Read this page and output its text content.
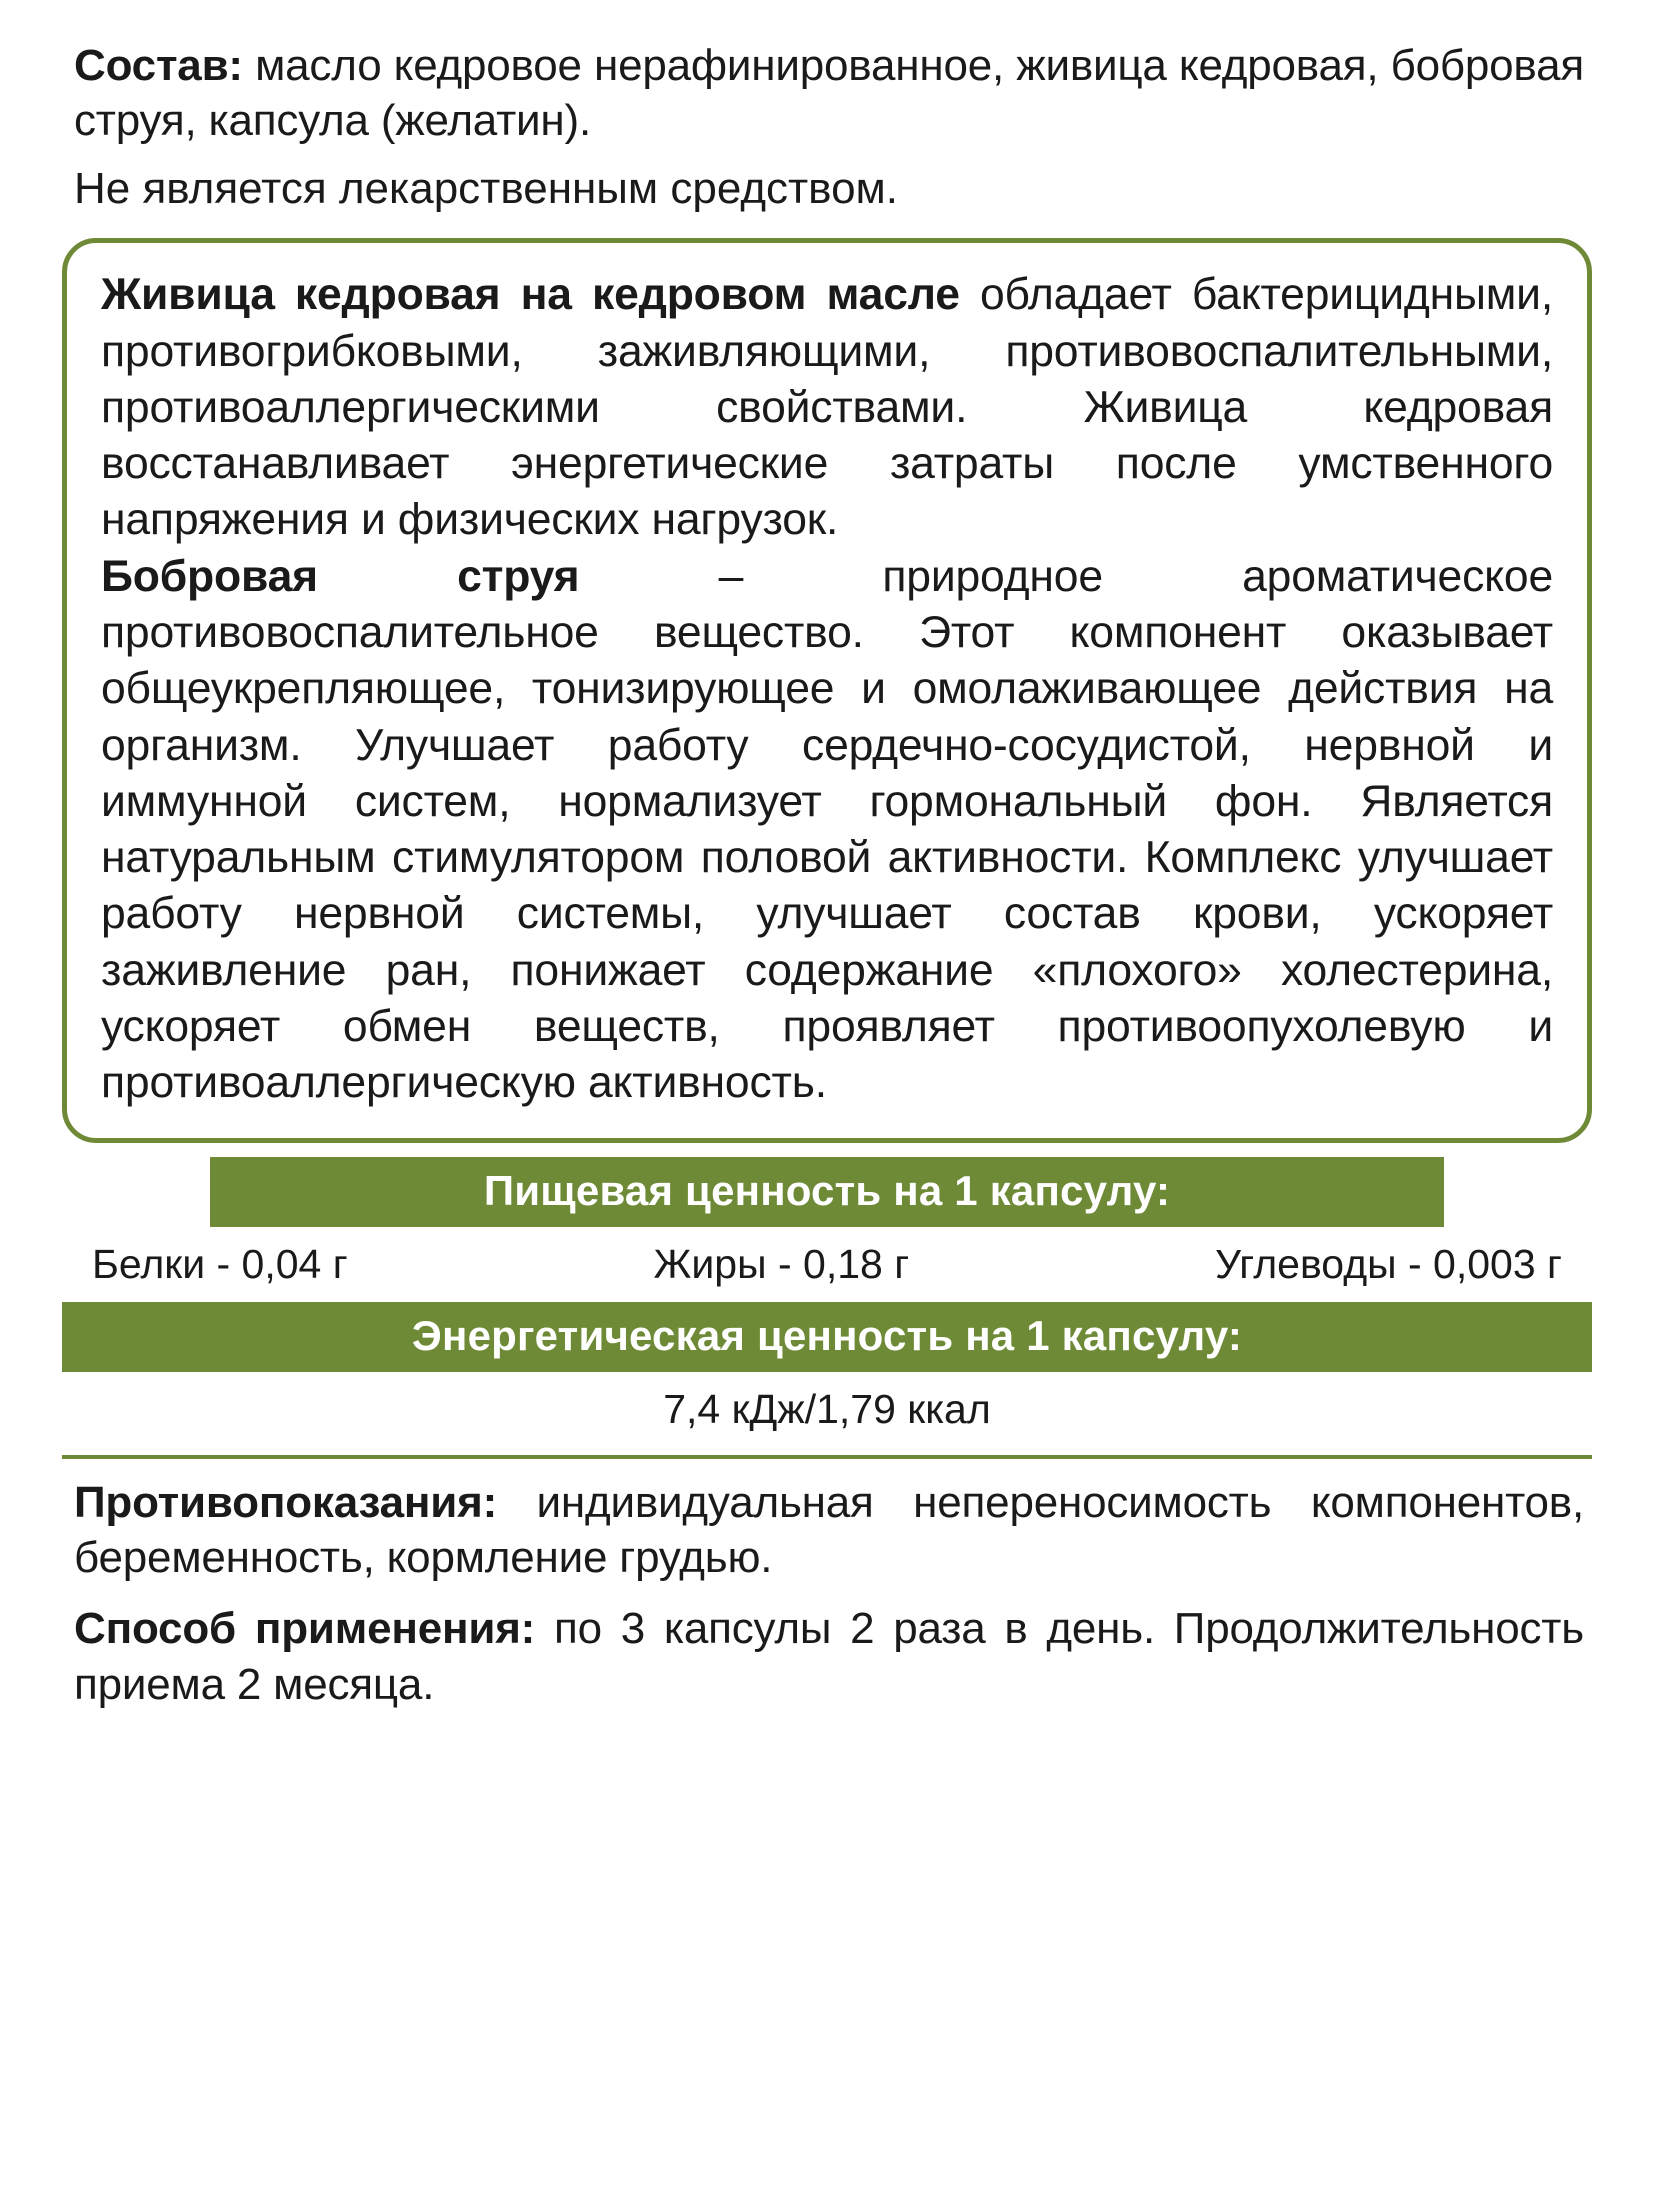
Состав: масло кедровое нерафинированное, живица кедровая, бобровая струя, капсула (желатин).

Не является лекарственным средством.

Живица кедровая на кедровом масле обладает бактерицидными, противогрибковыми, заживляющими, противовоспалительными, противоаллергическими свойствами. Живица кедровая восстанавливает энергетические затраты после умственного напряжения и физических нагрузок.

Бобровая струя – природное ароматическое противовоспалительное вещество. Этот компонент оказывает общеукрепляющее, тонизирующее и омолаживающее действия на организм. Улучшает работу сердечно-сосудистой, нервной и иммунной систем, нормализует гормональный фон. Является натуральным стимулятором половой активности. Комплекс улучшает работу нервной системы, улучшает состав крови, ускоряет заживление ран, понижает содержание «плохого» холестерина, ускоряет обмен веществ, проявляет противоопухолевую и противоаллергическую активность.

Пищевая ценность на 1 капсулу:
Белки - 0,04 г	Жиры - 0,18 г	Углеводы - 0,003 г
Энергетическая ценность на 1 капсулу:
7,4 кДж/1,79 ккал

Противопоказания: индивидуальная непереносимость компонентов, беременность, кормление грудью.

Способ применения: по 3 капсулы 2 раза в день. Продолжительность приема 2 месяца.
